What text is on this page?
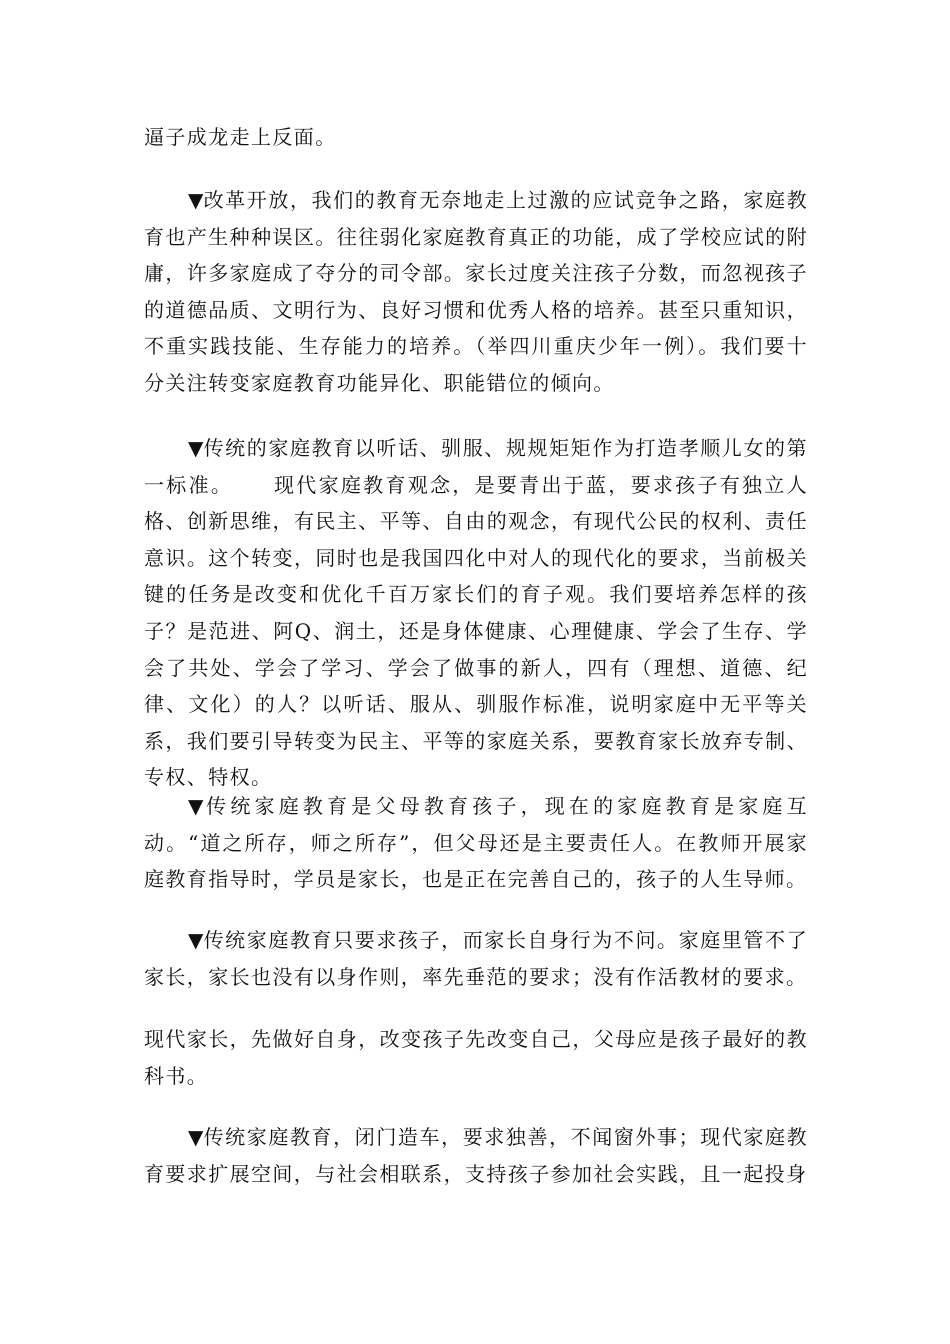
逼子成龙走上反面。

▼改革开放，我们的教育无奈地走上过激的应试竞争之路，家庭教育也产生种种误区。往往弱化家庭教育真正的功能，成了学校应试的附庸，许多家庭成了夺分的司令部。家长过度关注孩子分数，而忽视孩子的道德品质、文明行为、良好习惯和优秀人格的培养。甚至只重知识，不重实践技能、生存能力的培养。（举四川重庆少年一例）。我们要十分关注转变家庭教育功能异化、职能错位的倾向。

▼传统的家庭教育以听话、驯服、规规矩矩作为打造孝顺儿女的第一标准。 现代家庭教育观念，是要青出于蓝，要求孩子有独立人格、创新思维，有民主、平等、自由的观念，有现代公民的权利、责任意识。这个转变，同时也是我国四化中对人的现代化的要求，当前极关键的任务是改变和优化千百万家长们的育子观。我们要培养怎样的孩子？是范进、阿Q、润土，还是身体健康、心理健康、学会了生存、学会了共处、学会了学习、学会了做事的新人，四有（理想、道德、纪律、文化）的人？以听话、服从、驯服作标准，说明家庭中无平等关系，我们要引导转变为民主、平等的家庭关系，要教育家长放弃专制、专权、特权。

▼传统家庭教育是父母教育孩子，现在的家庭教育是家庭互动。“道之所存，师之所存”，但父母还是主要责任人。在教师开展家庭教育指导时，学员是家长，也是正在完善自己的，孩子的人生导师。

▼传统家庭教育只要求孩子，而家长自身行为不问。家庭里管不了家长，家长也没有以身作则，率先垂范的要求；没有作活教材的要求。

现代家长，先做好自身，改变孩子先改变自己，父母应是孩子最好的教科书。

▼传统家庭教育，闭门造车，要求独善，不闻窗外事；现代家庭教育要求扩展空间，与社会相联系，支持孩子参加社会实践，且一起投身
